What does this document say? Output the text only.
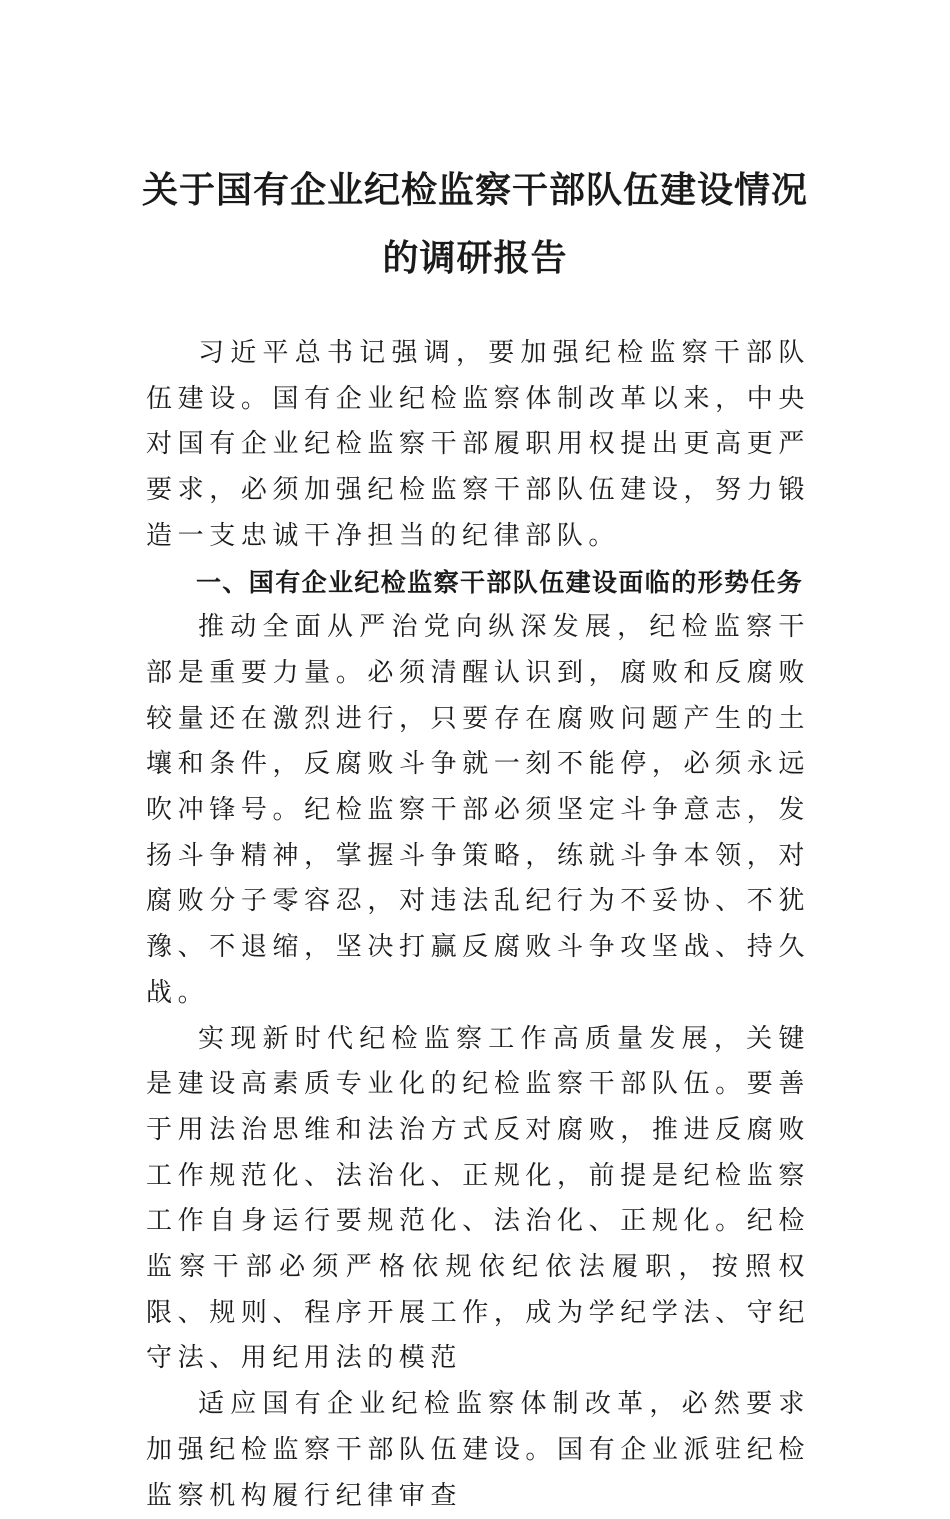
关于国有企业纪检监察干部队伍建设情况
的调研报告

习近平总书记强调，要加强纪检监察干部队伍建设。国有企业纪检监察体制改革以来，中央对国有企业纪检监察干部履职用权提出更高更严要求，必须加强纪检监察干部队伍建设，努力锻造一支忠诚干净担当的纪律部队。

一、国有企业纪检监察干部队伍建设面临的形势任务

推动全面从严治党向纵深发展，纪检监察干部是重要力量。必须清醒认识到，腐败和反腐败较量还在激烈进行，只要存在腐败问题产生的土壤和条件，反腐败斗争就一刻不能停，必须永远吹冲锋号。纪检监察干部必须坚定斗争意志，发扬斗争精神，掌握斗争策略，练就斗争本领，对腐败分子零容忍，对违法乱纪行为不妥协、不犹豫、不退缩，坚决打赢反腐败斗争攻坚战、持久战。

实现新时代纪检监察工作高质量发展，关键是建设高素质专业化的纪检监察干部队伍。要善于用法治思维和法治方式反对腐败，推进反腐败工作规范化、法治化、正规化，前提是纪检监察工作自身运行要规范化、法治化、正规化。纪检监察干部必须严格依规依纪依法履职，按照权限、规则、程序开展工作，成为学纪学法、守纪守法、用纪用法的模范

适应国有企业纪检监察体制改革，必然要求加强纪检监察干部队伍建设。国有企业派驻纪检监察机构履行纪律审查
